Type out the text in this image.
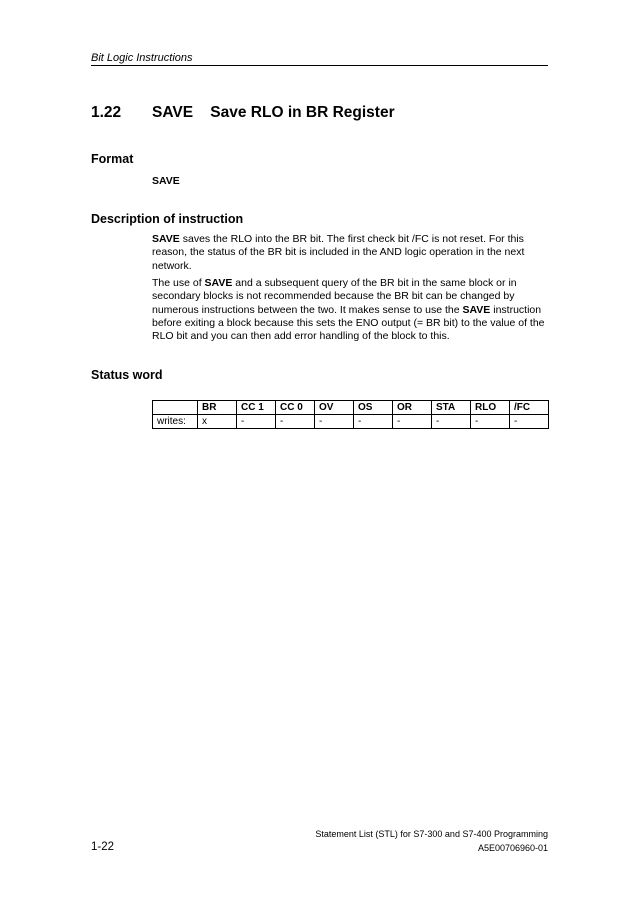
Bit Logic Instructions
1.22 SAVE    Save RLO in BR Register
Format
SAVE
Description of instruction
SAVE saves the RLO into the BR bit. The first check bit /FC is not reset. For this reason, the status of the BR bit is included in the AND logic operation in the next network.
The use of SAVE and a subsequent query of the BR bit in the same block or in secondary blocks is not recommended because the BR bit can be changed by numerous instructions between the two. It makes sense to use the SAVE instruction before exiting a block because this sets the ENO output (= BR bit) to the value of the RLO bit and you can then add error handling of the block to this.
Status word
	BR	CC 1	CC 0	OV	OS	OR	STA	RLO	/FC
writes:	x	-	-	-	-	-	-	-	-
Statement List (STL) for S7-300 and S7-400 Programming
1-22	A5E00706960-01
